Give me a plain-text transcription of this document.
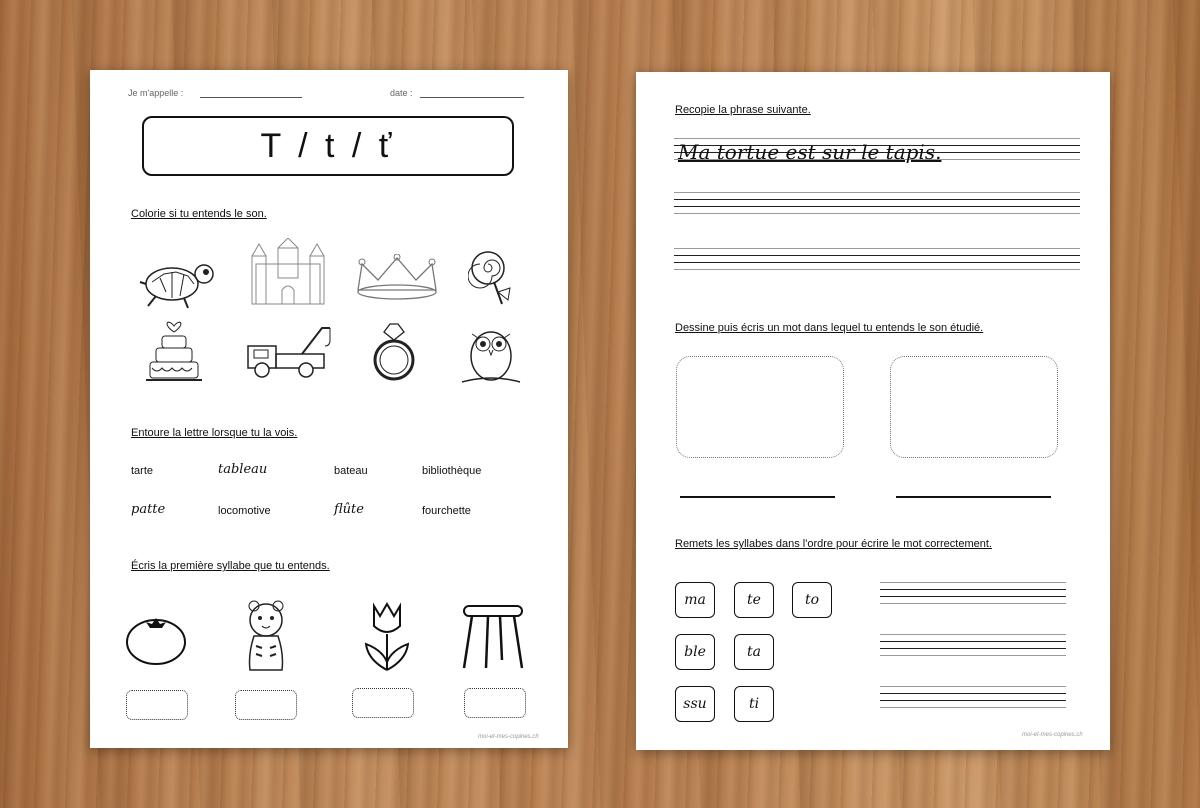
Je m'appelle :	date :
T / t / ť
Colorie si tu entends le son.
Entoure la lettre lorsque tu la vois.
tarte	tableau	bateau	bibliothèque
patte	locomotive	flûte	fourchette
Écris la première syllabe que tu entends.
moi-et-mes-copines.ch
Recopie la phrase suivante.
Ma tortue est sur le tapis.
Dessine puis écris un mot dans lequel tu entends le son étudié.
Remets les syllabes dans l'ordre pour écrire le mot correctement.
ma	te	to
ble	ta
ssu	ti
moi-et-mes-copines.ch
